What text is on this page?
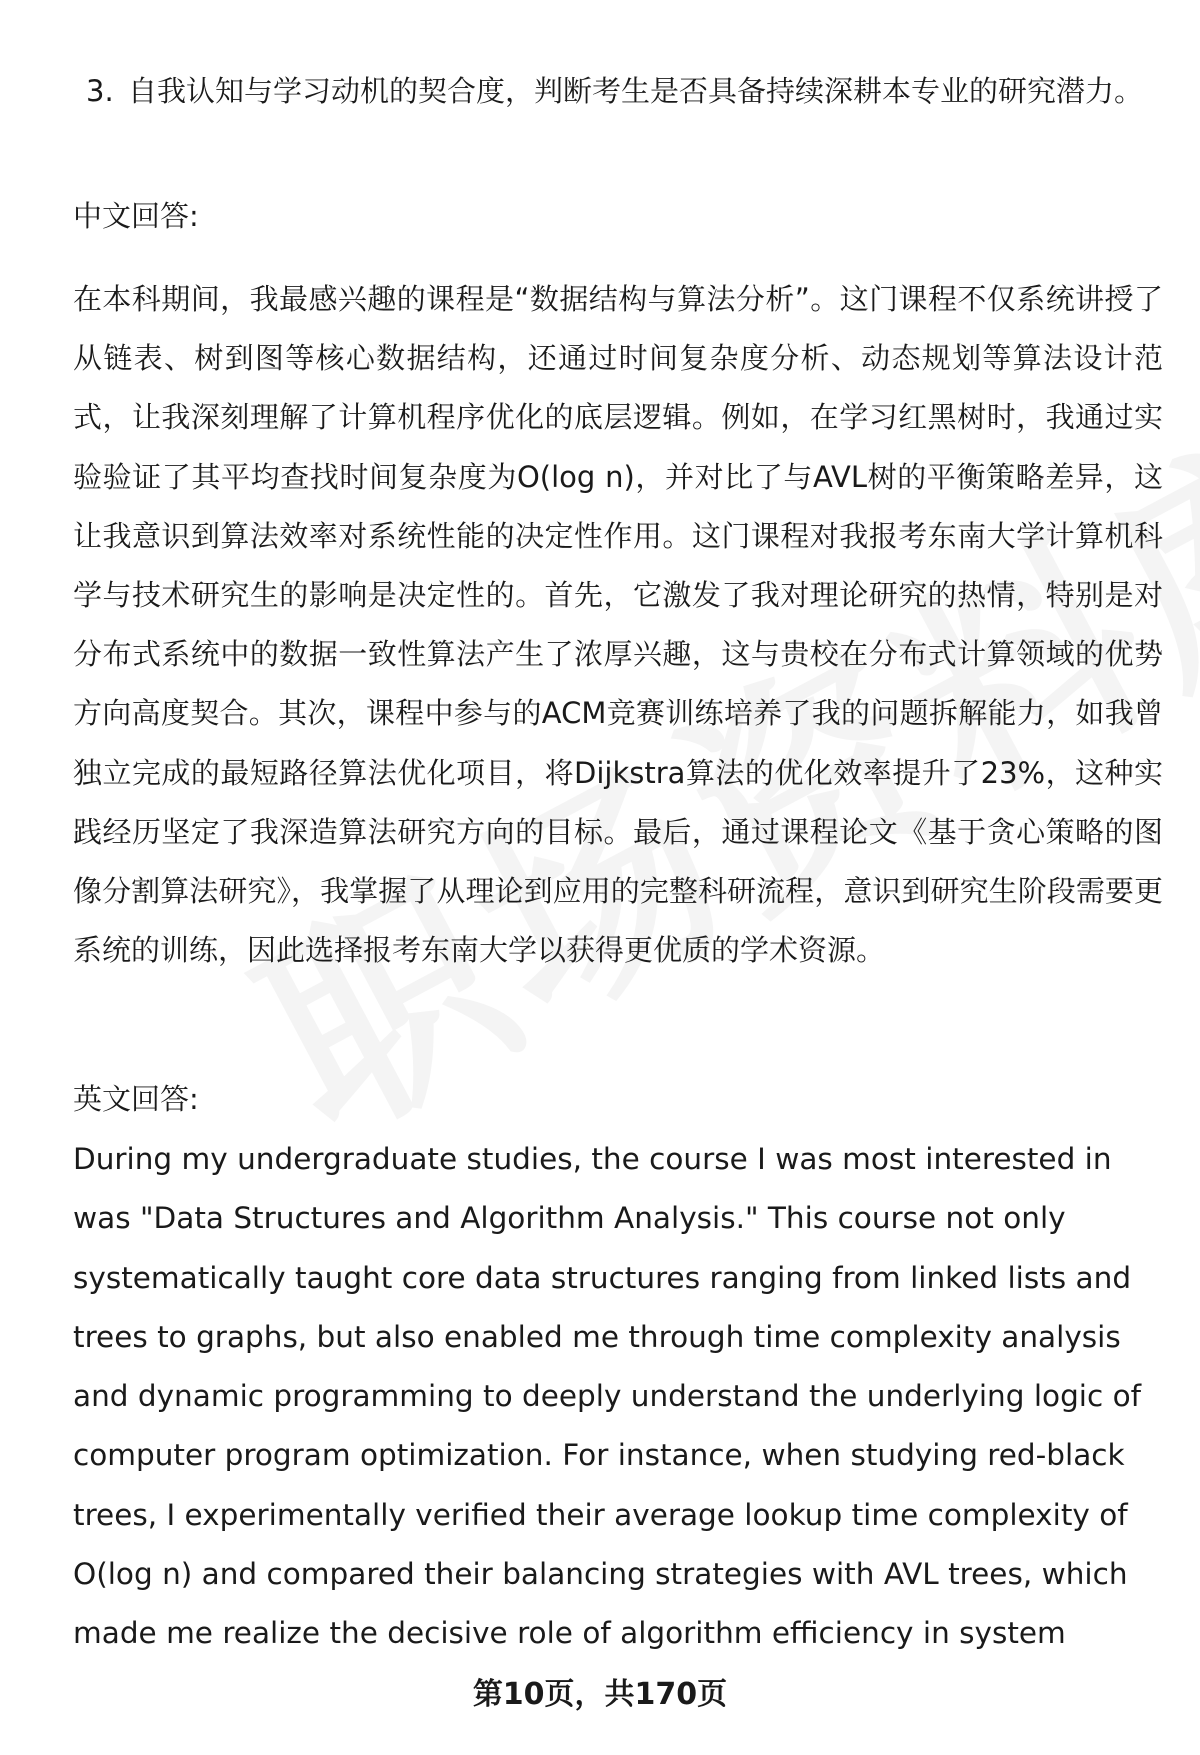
3. 自我认知与学习动机的契合度，判断考生是否具备持续深耕本专业的研究潜力。
中文回答:
在本科期间，我最感兴趣的课程是“数据结构与算法分析”。这门课程不仅系统讲授了从链表、树到图等核心数据结构，还通过时间复杂度分析、动态规划等算法设计范式，让我深刻理解了计算机程序优化的底层逻辑。例如，在学习红黑树时，我通过实验验证了其平均查找时间复杂度为O(log n)，并对比了与AVL树的平衡策略差异，这让我意识到算法效率对系统性能的决定性作用。这门课程对我报考东南大学计算机科学与技术研究生的影响是决定性的。首先，它激发了我对理论研究的热情，特别是对分布式系统中的数据一致性算法产生了浓厚兴趣，这与贵校在分布式计算领域的优势方向高度契合。其次，课程中参与的ACM竞赛训练培养了我的问题拆解能力，如我曾独立完成的最短路径算法优化项目，将Dijkstra算法的优化效率提升了23%，这种实践经历坚定了我深造算法研究方向的目标。最后，通过课程论文《基于贪心策略的图像分割算法研究》，我掌握了从理论到应用的完整科研流程，意识到研究生阶段需要更系统的训练，因此选择报考东南大学以获得更优质的学术资源。
英文回答:
During my undergraduate studies, the course I was most interested in was "Data Structures and Algorithm Analysis." This course not only systematically taught core data structures ranging from linked lists and trees to graphs, but also enabled me through time complexity analysis and dynamic programming to deeply understand the underlying logic of computer program optimization. For instance, when studying red-black trees, I experimentally verified their average lookup time complexity of O(log n) and compared their balancing strategies with AVL trees, which made me realize the decisive role of algorithm efficiency in system
第10页，共170页
